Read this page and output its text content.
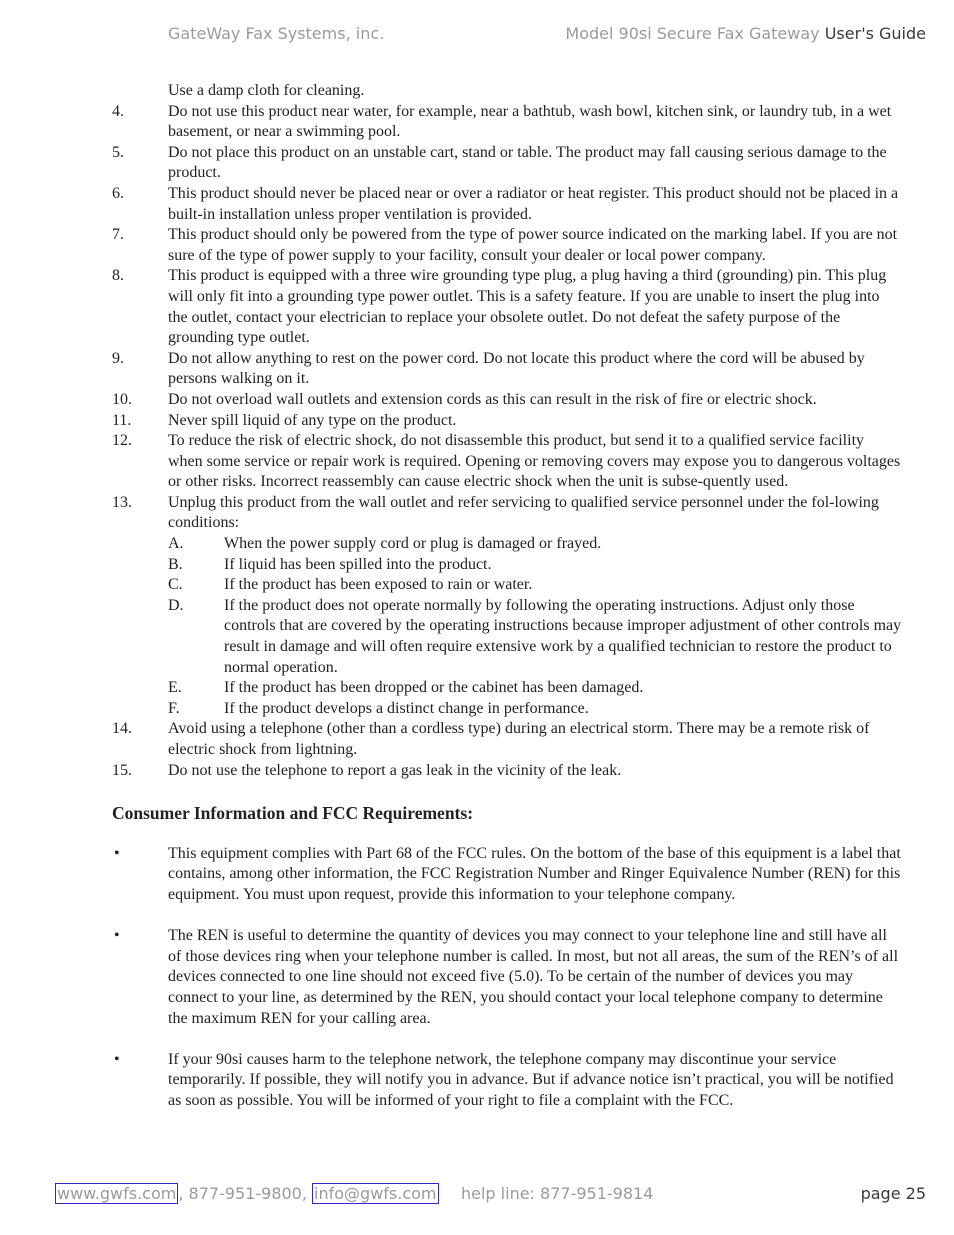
GateWay Fax Systems, inc.	Model 90si Secure Fax Gateway User's Guide
Use a damp cloth for cleaning.
4.	Do not use this product near water, for example, near a bathtub, wash bowl, kitchen sink, or laundry tub, in a wet basement, or near a swimming pool.
5.	Do not place this product on an unstable cart, stand or table. The product may fall causing serious damage to the product.
6.	This product should never be placed near or over a radiator or heat register. This product should not be placed in a built-in installation unless proper ventilation is provided.
7.	This product should only be powered from the type of power source indicated on the marking label. If you are not sure of the type of power supply to your facility, consult your dealer or local power company.
8.	This product is equipped with a three wire grounding type plug, a plug having a third (grounding) pin. This plug will only fit into a grounding type power outlet. This is a safety feature. If you are unable to insert the plug into the outlet, contact your electrician to replace your obsolete outlet. Do not defeat the safety purpose of the grounding type outlet.
9.	Do not allow anything to rest on the power cord. Do not locate this product where the cord will be abused by persons walking on it.
10.	Do not overload wall outlets and extension cords as this can result in the risk of fire or electric shock.
11.	Never spill liquid of any type on the product.
12.	To reduce the risk of electric shock, do not disassemble this product, but send it to a qualified service facility when some service or repair work is required. Opening or removing covers may expose you to dangerous voltages or other risks. Incorrect reassembly can cause electric shock when the unit is subse-quently used.
13.	Unplug this product from the wall outlet and refer servicing to qualified service personnel under the fol-lowing conditions:
A.	When the power supply cord or plug is damaged or frayed.
B.	If liquid has been spilled into the product.
C.	If the product has been exposed to rain or water.
D.	If the product does not operate normally by following the operating instructions. Adjust only those controls that are covered by the operating instructions because improper adjustment of other controls may result in damage and will often require extensive work by a qualified technician to restore the product to normal operation.
E.	If the product has been dropped or the cabinet has been damaged.
F.	If the product develops a distinct change in performance.
14.	Avoid using a telephone (other than a cordless type) during an electrical storm. There may be a remote risk of electric shock from lightning.
15.	Do not use the telephone to report a gas leak in the vicinity of the leak.
Consumer Information and FCC Requirements:
•	This equipment complies with Part 68 of the FCC rules. On the bottom of the base of this equipment is a label that contains, among other information, the FCC Registration Number and Ringer Equivalence Number (REN) for this equipment. You must upon request, provide this information to your telephone company.
•	The REN is useful to determine the quantity of devices you may connect to your telephone line and still have all of those devices ring when your telephone number is called. In most, but not all areas, the sum of the REN’s of all devices connected to one line should not exceed five (5.0). To be certain of the number of devices you may connect to your line, as determined by the REN, you should contact your local telephone company to determine the maximum REN for your calling area.
•	If your 90si causes harm to the telephone network, the telephone company may discontinue your service temporarily. If possible, they will notify you in advance. But if advance notice isn’t practical, you will be notified as soon as possible. You will be informed of your right to file a complaint with the FCC.
www.gwfs.com , 877-951-9800, info@gwfs.com help line: 877-951-9814	page 25
